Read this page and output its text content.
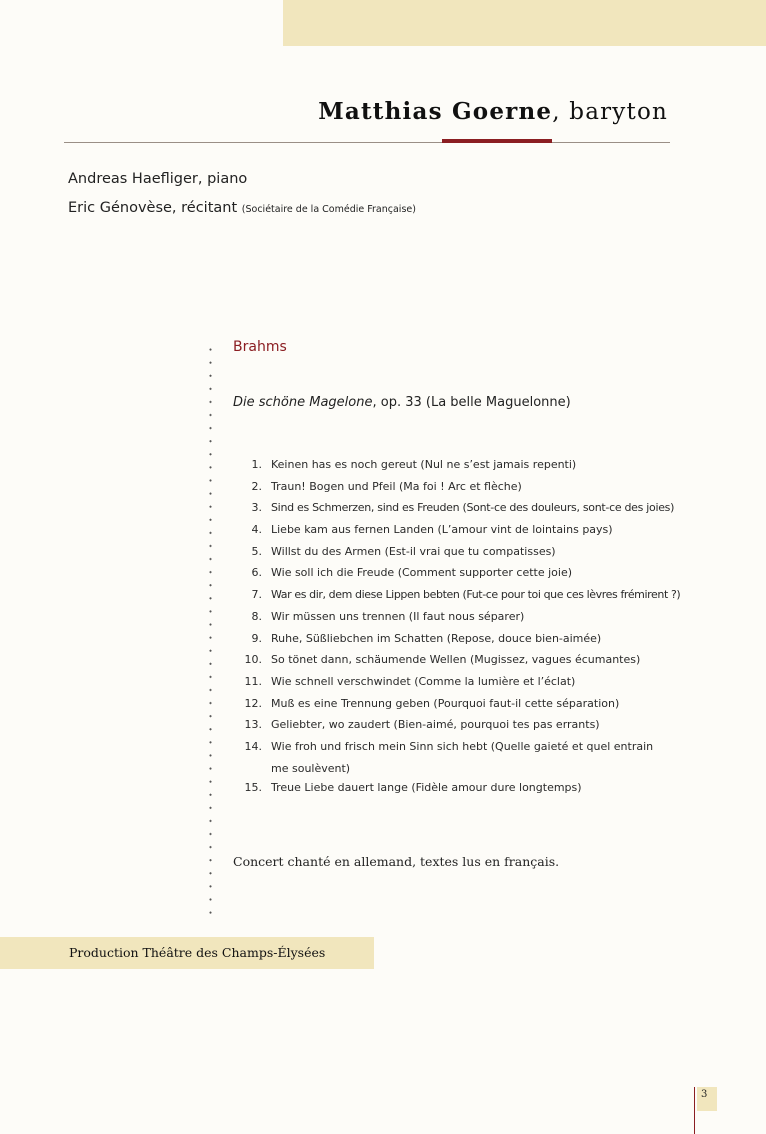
Matthias Goerne, baryton
Andreas Haefliger, piano
Eric Génovèse, récitant (Sociétaire de la Comédie Française)
Brahms
Die schöne Magelone, op. 33 (La belle Maguelonne)
1. Keinen has es noch gereut (Nul ne s’est jamais repenti)
2. Traun! Bogen und Pfeil (Ma foi ! Arc et flèche)
3. Sind es Schmerzen, sind es Freuden (Sont-ce des douleurs, sont-ce des joies)
4. Liebe kam aus fernen Landen (L’amour vint de lointains pays)
5. Willst du des Armen (Est-il vrai que tu compatisses)
6. Wie soll ich die Freude (Comment supporter cette joie)
7. War es dir, dem diese Lippen bebten (Fut-ce pour toi que ces lèvres frémirent ?)
8. Wir müssen uns trennen (Il faut nous séparer)
9. Ruhe, Süßliebchen im Schatten (Repose, douce bien-aimée)
10. So tönet dann, schäumende Wellen (Mugissez, vagues écumantes)
11. Wie schnell verschwindet (Comme la lumière et l’éclat)
12. Muß es eine Trennung geben (Pourquoi faut-il cette séparation)
13. Geliebter, wo zaudert (Bien-aimé, pourquoi tes pas errants)
14. Wie froh und frisch mein Sinn sich hebt (Quelle gaieté et quel entrain me soulèvent)
15. Treue Liebe dauert lange (Fidèle amour dure longtemps)
Concert chanté en allemand, textes lus en français.
Production Théâtre des Champs-Élysées
3
